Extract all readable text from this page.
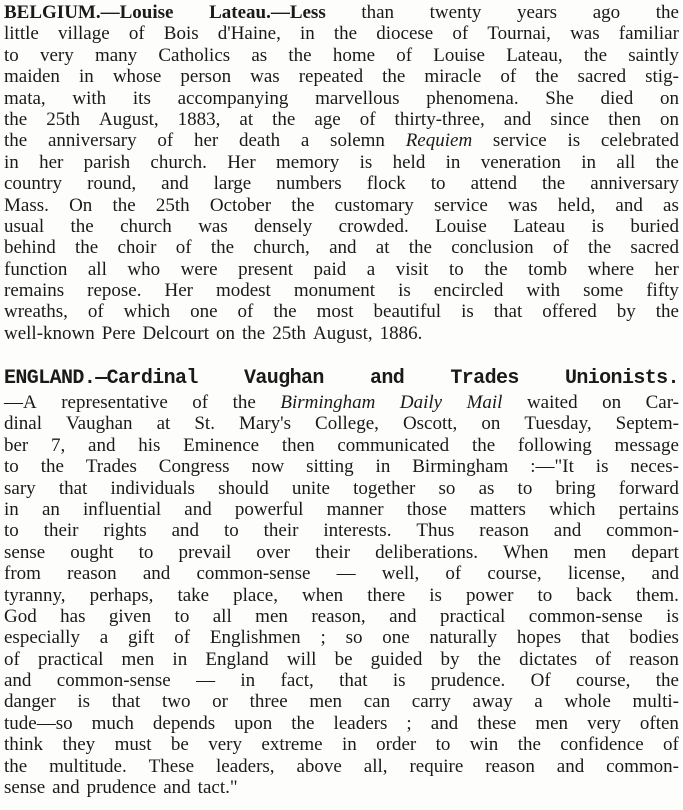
BELGIUM.—Louise Lateau.—Less than twenty years ago the
little village of Bois d'Haine, in the diocese of Tournai, was familiar
to very many Catholics as the home of Louise Lateau, the saintly
maiden in whose person was repeated the miracle of the sacred stig-
mata, with its accompanying marvellous phenomena. She died on
the 25th August, 1883, at the age of thirty-three, and since then on
the anniversary of her death a solemn Requiem service is celebrated
in her parish church. Her memory is held in veneration in all the
country round, and large numbers flock to attend the anniversary
Mass. On the 25th October the customary service was held, and as
usual the church was densely crowded. Louise Lateau is buried
behind the choir of the church, and at the conclusion of the sacred
function all who were present paid a visit to the tomb where her
remains repose. Her modest monument is encircled with some fifty
wreaths, of which one of the most beautiful is that offered by the
well-known Pere Delcourt on the 25th August, 1886.
ENGLAND.—Cardinal Vaughan and Trades Unionists.
—A representative of the Birmingham Daily Mail waited on Car-
dinal Vaughan at St. Mary's College, Oscott, on Tuesday, Septem-
ber 7, and his Eminence then communicated the following message
to the Trades Congress now sitting in Birmingham :—"It is neces-
sary that individuals should unite together so as to bring forward
in an influential and powerful manner those matters which pertains
to their rights and to their interests. Thus reason and common-
sense ought to prevail over their deliberations. When men depart
from reason and common-sense — well, of course, license, and
tyranny, perhaps, take place, when there is power to back them.
God has given to all men reason, and practical common-sense is
especially a gift of Englishmen ; so one naturally hopes that bodies
of practical men in England will be guided by the dictates of reason
and common-sense — in fact, that is prudence. Of course, the
danger is that two or three men can carry away a whole multi-
tude—so much depends upon the leaders ; and these men very often
think they must be very extreme in order to win the confidence of
the multitude. These leaders, above all, require reason and common-
sense and prudence and tact."
